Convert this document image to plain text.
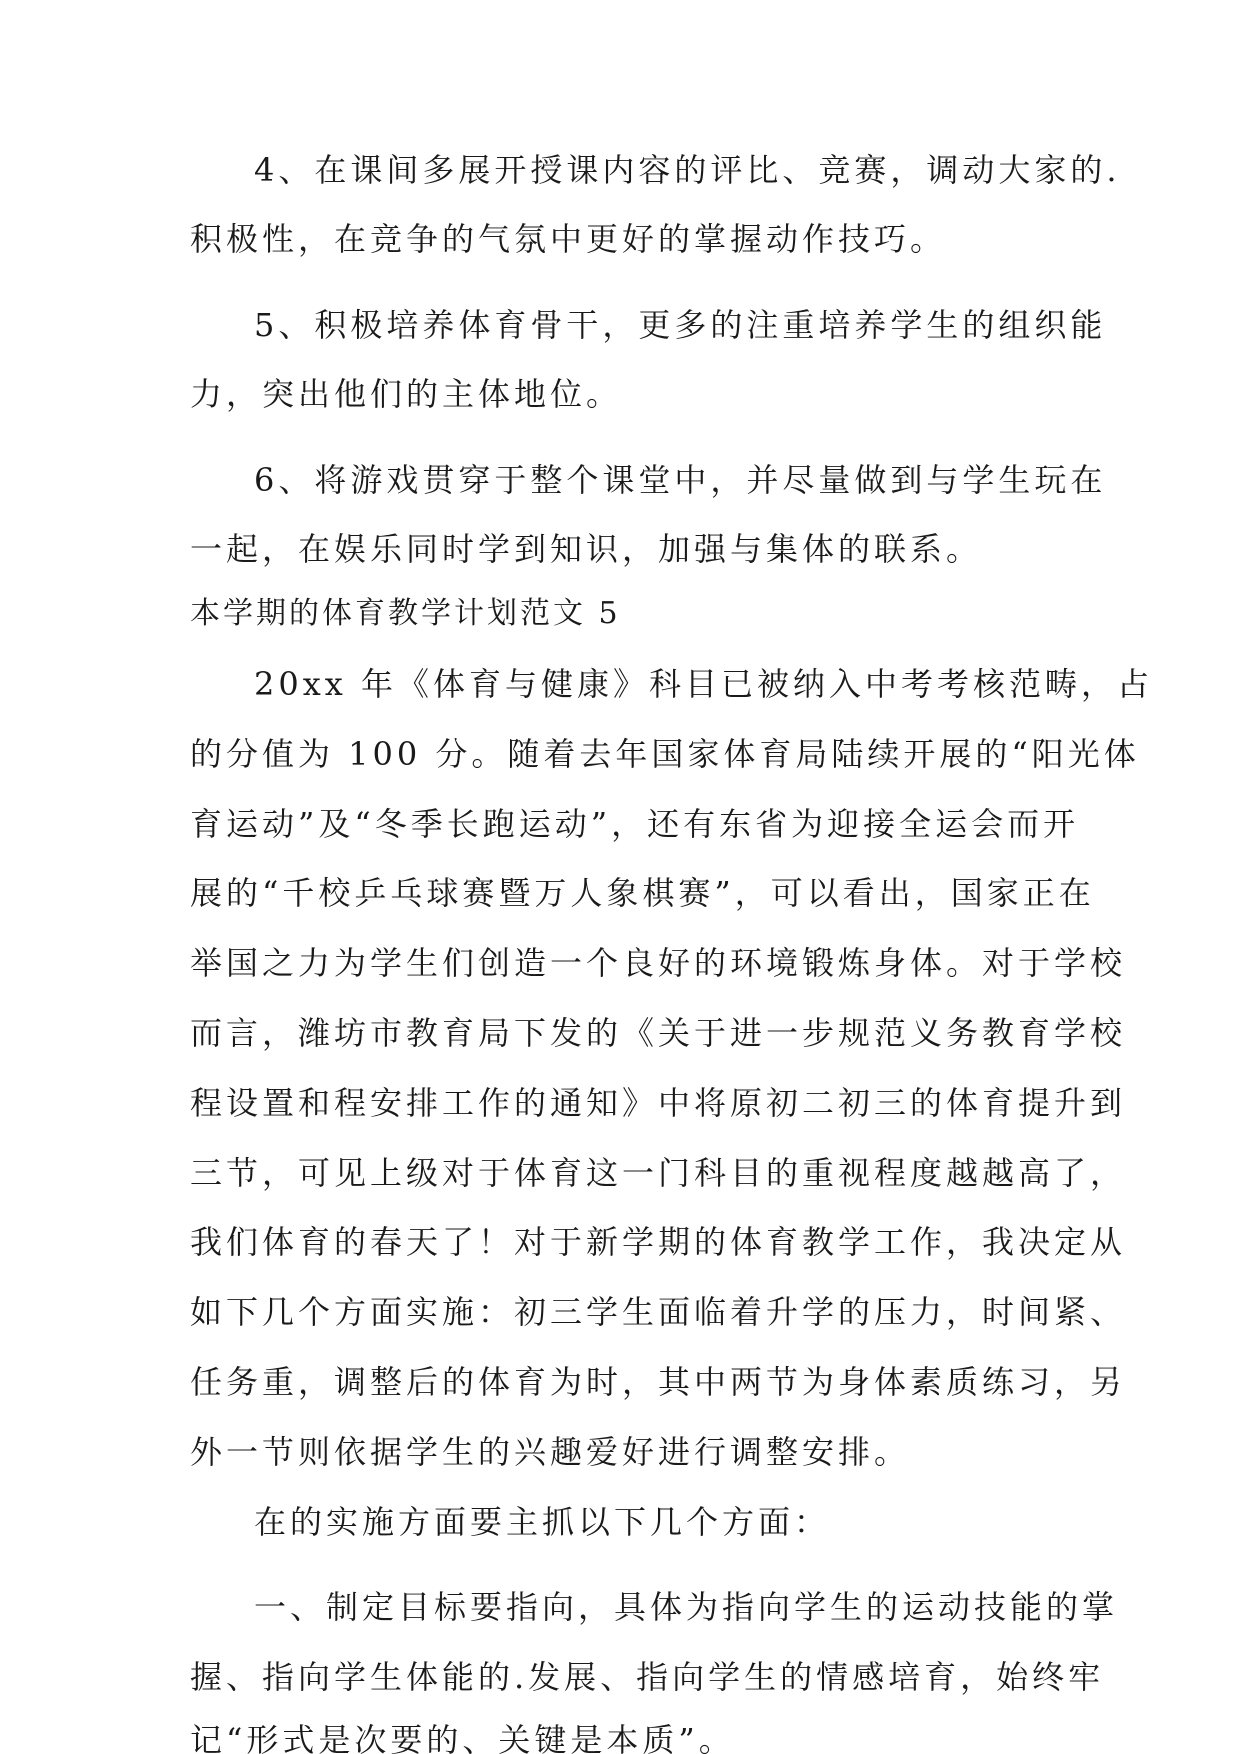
4、在课间多展开授课内容的评比、竞赛，调动大家的.
积极性，在竞争的气氛中更好的掌握动作技巧。
5、积极培养体育骨干，更多的注重培养学生的组织能
力，突出他们的主体地位。
6、将游戏贯穿于整个课堂中，并尽量做到与学生玩在
一起，在娱乐同时学到知识，加强与集体的联系。
本学期的体育教学计划范文 5
20xx 年《体育与健康》科目已被纳入中考考核范畴，占
的分值为 100 分。随着去年国家体育局陆续开展的“阳光体
育运动”及“冬季长跑运动”，还有东省为迎接全运会而开
展的“千校乒乓球赛暨万人象棋赛”，可以看出，国家正在
举国之力为学生们创造一个良好的环境锻炼身体。对于学校
而言，潍坊市教育局下发的《关于进一步规范义务教育学校
程设置和程安排工作的通知》中将原初二初三的体育提升到
三节，可见上级对于体育这一门科目的重视程度越越高了，
我们体育的春天了！对于新学期的体育教学工作，我决定从
如下几个方面实施：初三学生面临着升学的压力，时间紧、
任务重，调整后的体育为时，其中两节为身体素质练习，另
外一节则依据学生的兴趣爱好进行调整安排。
在的实施方面要主抓以下几个方面：
一、制定目标要指向，具体为指向学生的运动技能的掌
握、指向学生体能的.发展、指向学生的情感培育，始终牢
记“形式是次要的、关键是本质”。
